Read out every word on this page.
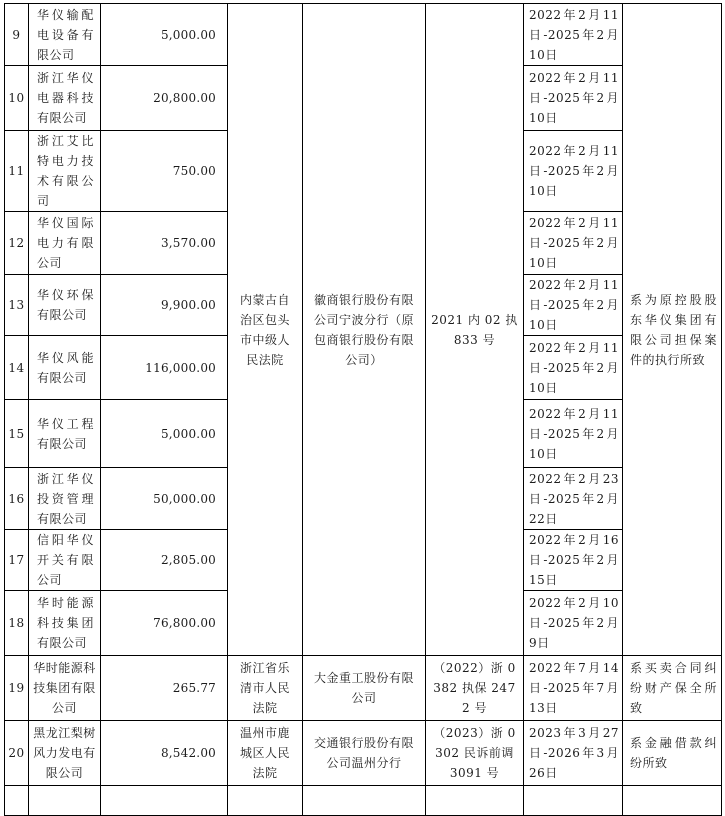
9	华仪输配电设备有限公司	5,000.00	内蒙古自治区包头市中级人民法院	徽商银行股份有限公司宁波分行（原包商银行股份有限公司）	2021 内 02 执 833 号	2022年2月11日-2025年2月10日	系为原控股股东华仪集团有限公司担保案件的执行所致
10	浙江华仪电器科技有限公司	20,800.00				2022年2月11日-2025年2月10日	
11	浙江艾比特电力技术有限公司	750.00				2022年2月11日-2025年2月10日	
12	华仪国际电力有限公司	3,570.00				2022年2月11日-2025年2月10日	
13	华仪环保有限公司	9,900.00				2022年2月11日-2025年2月10日	
14	华仪风能有限公司	116,000.00				2022年2月11日-2025年2月10日	
15	华仪工程有限公司	5,000.00				2022年2月11日-2025年2月10日	
16	浙江华仪投资管理有限公司	50,000.00				2022年2月23日-2025年2月22日	
17	信阳华仪开关有限公司	2,805.00				2022年2月16日-2025年2月15日	
18	华时能源科技集团有限公司	76,800.00				2022年2月10日-2025年2月9日	
19	华时能源科技集团有限公司	265.77	浙江省乐清市人民法院	大金重工股份有限公司	（2022）浙 0382 执保 2472 号	2022年7月14日-2025年7月13日	系买卖合同纠纷财产保全所致
20	黑龙江梨树风力发电有限公司	8,542.00	温州市鹿城区人民法院	交通银行股份有限公司温州分行	（2023）浙 0302 民诉前调 3091 号	2023年3月27日-2026年3月26日	系金融借款纠纷所致
